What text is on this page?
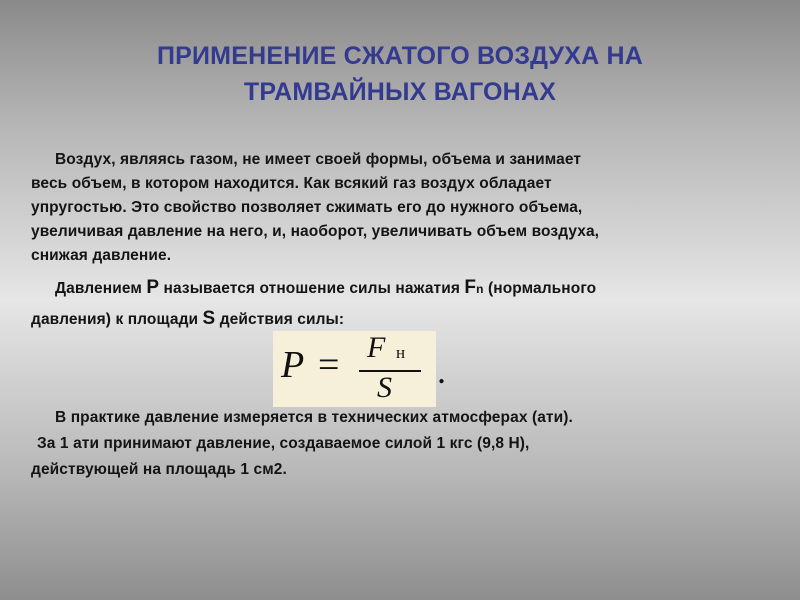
ПРИМЕНЕНИЕ СЖАТОГО ВОЗДУХА НА
ТРАМВАЙНЫХ ВАГОНАХ
Воздух, являясь газом, не имеет своей формы, объема и занимает
весь объем, в котором находится. Как всякий газ воздух обладает
упругостью. Это свойство позволяет сжимать его до нужного объема,
увеличивая давление на него, и, наоборот, увеличивать объем воздуха,
снижая давление.
Давлением P называется отношение силы нажатия Fn (нормального
давления) к площади S действия силы:
P = F н
S .
В практике давление измеряется в технических атмосферах (ати).
За 1 ати принимают давление, создаваемое силой 1 кгс (9,8 Н),
действующей на площадь 1 см2.
